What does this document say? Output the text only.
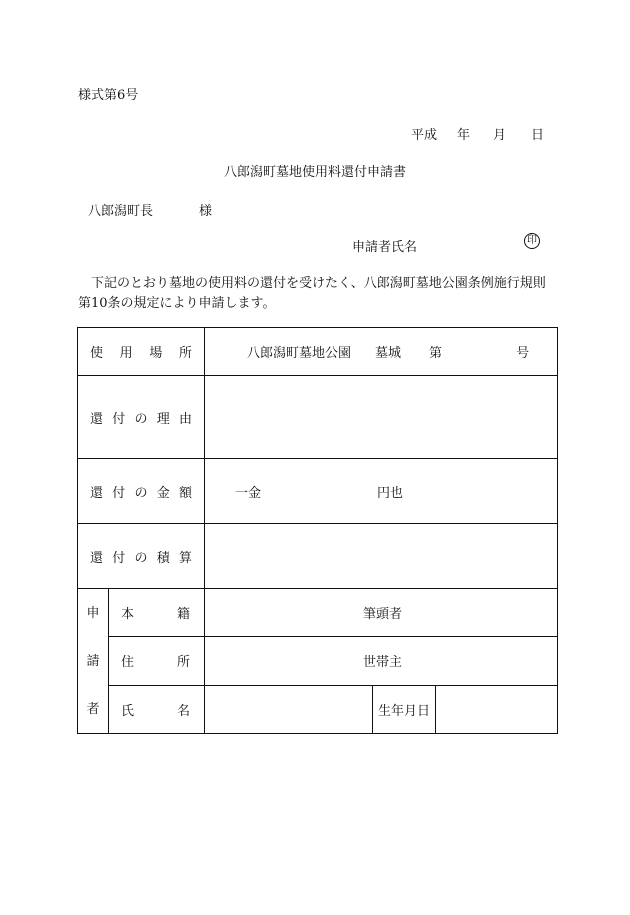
様式第6号
平成 年 月 日
八郎潟町墓地使用料還付申請書
八郎潟町長	様
申請者氏名	印
下記のとおり墓地の使用料の還付を受けたく、八郎潟町墓地公園条例施行規則第10条の規定により申請します。
使用場所		八郎潟町墓地公園 墓城 第 号		

還付の理由				
還付の金額		一金 円也		

還付の積算				

申
請
者	本籍	筆頭者		

	住所	世帯主		

	氏名		生年月日	
